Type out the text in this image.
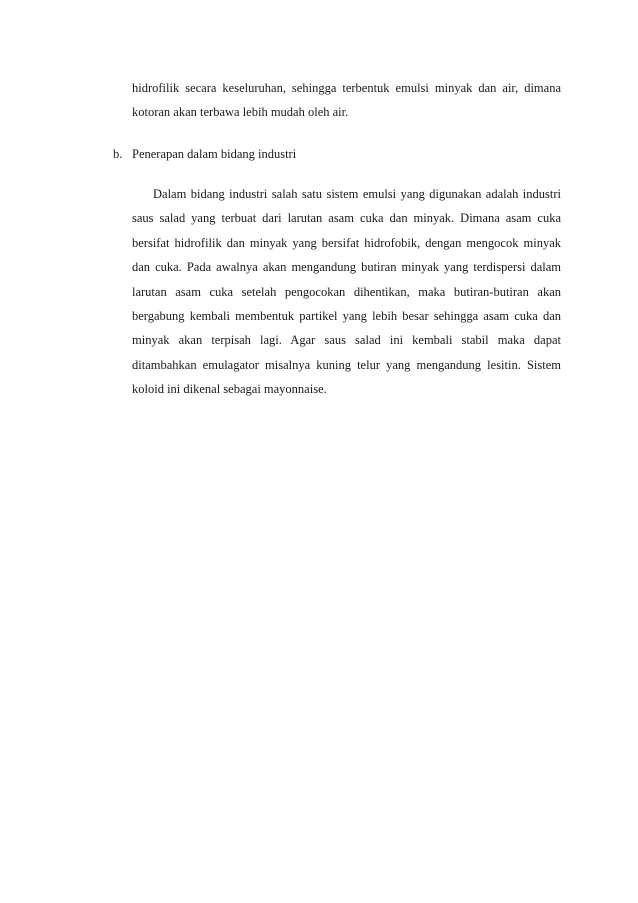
hidrofilik secara keseluruhan, sehingga terbentuk emulsi minyak dan air, dimana
kotoran akan terbawa lebih mudah oleh air.
b. Penerapan dalam bidang industri
Dalam bidang industri salah satu sistem emulsi yang digunakan adalah industri
saus salad yang terbuat dari larutan asam cuka dan minyak. Dimana asam cuka
bersifat hidrofilik dan minyak yang bersifat hidrofobik, dengan mengocok minyak
dan cuka. Pada awalnya akan mengandung butiran minyak yang terdispersi dalam
larutan asam cuka setelah pengocokan dihentikan, maka butiran-butiran akan
bergabung kembali membentuk partikel yang lebih besar sehingga asam cuka dan
minyak akan terpisah lagi. Agar saus salad ini kembali stabil maka dapat
ditambahkan emulagator misalnya kuning telur yang mengandung lesitin. Sistem
koloid ini dikenal sebagai mayonnaise.
